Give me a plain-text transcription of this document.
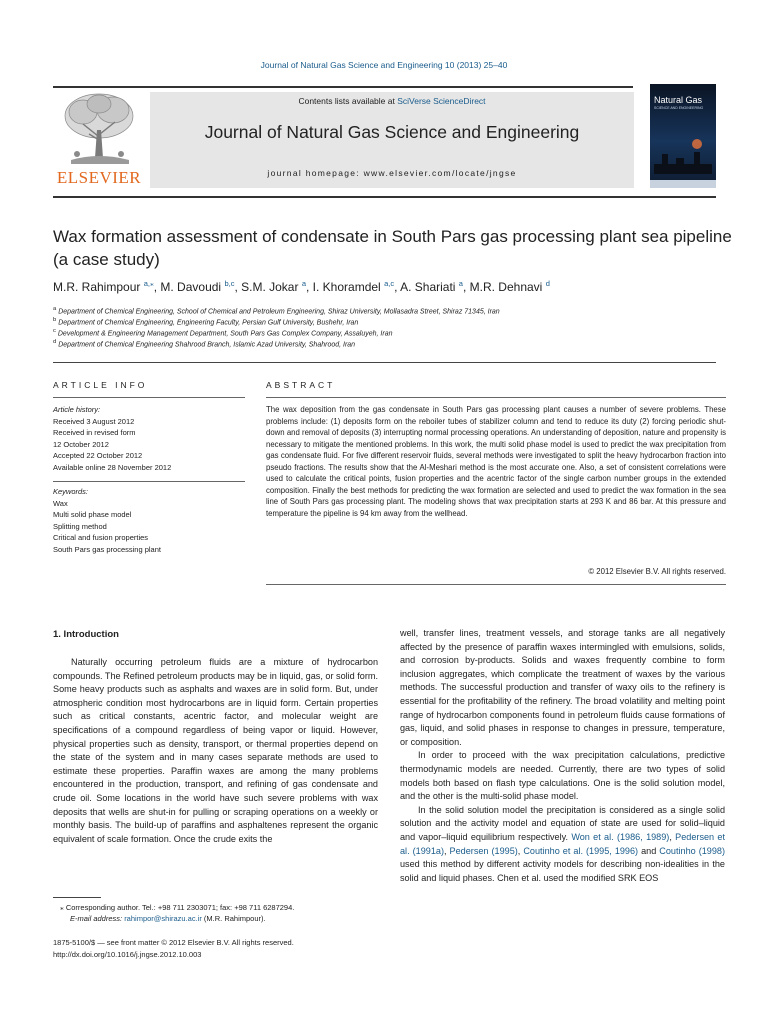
Journal of Natural Gas Science and Engineering 10 (2013) 25–40
ELSEVIER
Contents lists available at SciVerse ScienceDirect
Journal of Natural Gas Science and Engineering
journal homepage: www.elsevier.com/locate/jngse
Natural Gas
SCIENCE AND ENGINEERING
Wax formation assessment of condensate in South Pars gas processing plant sea pipeline (a case study)
M.R. Rahimpour $^{a,⁎}$, M. Davoudi $^{b,c}$, S.M. Jokar $^a$, I. Khoramdel $^{a,c}$, A. Shariati $^a$, M.R. Dehnavi $^d$
$^a$ Department of Chemical Engineering, School of Chemical and Petroleum Engineering, Shiraz University, Mollasadra Street, Shiraz 71345, Iran
$^b$ Department of Chemical Engineering, Engineering Faculty, Persian Gulf University, Bushehr, Iran
$^c$ Development & Engineering Management Department, South Pars Gas Complex Company, Assaluyeh, Iran
$^d$ Department of Chemical Engineering Shahrood Branch, Islamic Azad University, Shahrood, Iran
ARTICLE INFO
Article history:
Received 3 August 2012
Received in revised form
12 October 2012
Accepted 22 October 2012
Available online 28 November 2012
Keywords:
Wax
Multi solid phase model
Splitting method
Critical and fusion properties
South Pars gas processing plant
ABSTRACT
The wax deposition from the gas condensate in South Pars gas processing plant causes a number of severe problems. These problems include: (1) deposits form on the reboiler tubes of stabilizer column and tend to reduce its duty (2) forcing periodic shut-down and removal of deposits (3) interrupting normal processing operations. An understanding of deposition, nature and propensity is necessary to mitigate the mentioned problems. In this work, the multi solid phase model is used to predict the wax precipitation from gas condensate fluid. For five different reservoir fluids, several methods were investigated to split the heavy hydrocarbon fraction into pseudo fractions. The results show that the Al-Meshari method is the most accurate one. Also, a set of consistent correlations were used to calculate the critical points, fusion properties and the acentric factor of the single carbon number groups in the extended composition. Finally the best methods for predicting the wax formation are selected and used to predict the wax formation in the sea line of South Pars gas processing plant. The modeling shows that wax precipitation starts at 293 K and 86 bar. At this pressure and temperature the pipeline is 94 km away from the wellhead.
© 2012 Elsevier B.V. All rights reserved.
1. Introduction

Naturally occurring petroleum fluids are a mixture of hydrocarbon compounds. The Refined petroleum products may be in liquid, gas, or solid form. Some heavy products such as asphalts and waxes are in solid form. But, under atmospheric condition most hydrocarbons are in liquid form. Certain properties such as critical constants, acentric factor, and molecular weight are specifications of a compound regardless of being vapor or liquid. However, physical properties such as density, transport, or thermal properties depend on the state of the system and in many cases separate methods are used to estimate these properties. Paraffin waxes are among the many problems encountered in the production, transport, and refining of gas condensate and crude oil. Some locations in the world have such severe problems with wax deposits that wells are shut-in for pulling or scraping operations on a weekly or monthly basis. The build-up of paraffins and asphaltenes represent the organic equivalent of scale formation. Once the crude exits the

well, transfer lines, treatment vessels, and storage tanks are all negatively affected by the presence of paraffin waxes intermingled with emulsions, solids, and corrosion by-products. Solids and waxes frequently combine to form inclusion aggregates, which complicate the treatment of waxes by the various methods. The successful production and transfer of waxy oils to the refinery is essential for the profitability of the refinery. The broad volatility and melting point range of hydrocarbon components found in petroleum fluids cause formations of gas, liquid, and solid phases in response to changes in pressure, temperature, or composition.

In order to proceed with the wax precipitation calculations, predictive thermodynamic models are needed. Currently, there are two types of solid models both based on flash type calculations. One is the solid solution model, and the other is the multi-solid phase model.

In the solid solution model the precipitation is considered as a single solid solution and the activity model and equation of state are used for solid–liquid and vapor–liquid equilibrium respectively. Won et al. (1986, 1989), Pedersen et al. (1991a), Pedersen (1995), Coutinho et al. (1995, 1996) and Coutinho (1998) used this method by different activity models for describing non-idealities in the solid and liquid phases. Chen et al. used the modified SRK EOS

⁎ Corresponding author. Tel.: +98 711 2303071; fax: +98 711 6287294.
E-mail address: rahimpor@shirazu.ac.ir (M.R. Rahimpour).
1875-5100/$ — see front matter © 2012 Elsevier B.V. All rights reserved.
http://dx.doi.org/10.1016/j.jngse.2012.10.003
